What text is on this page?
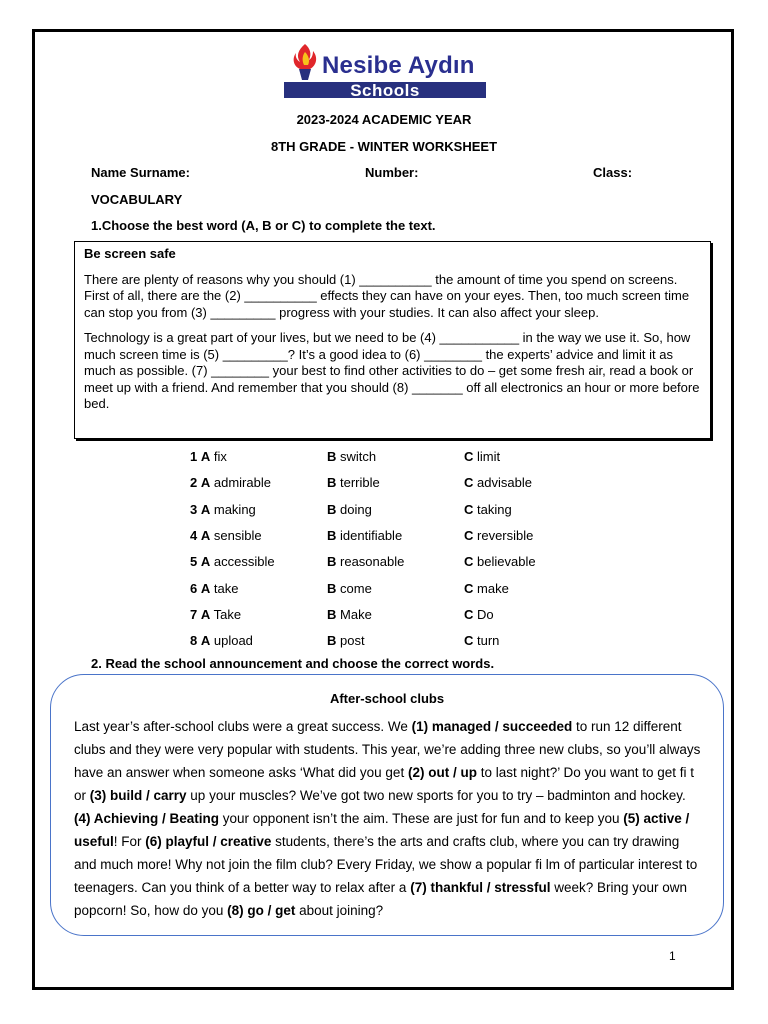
Nesibe Aydın
Schools
2023-2024 ACADEMIC YEAR
8TH GRADE - WINTER WORKSHEET
Name Surname:	Number:	Class:
VOCABULARY
1.Choose the best word (A, B or C) to complete the text.
Be screen safe

There are plenty of reasons why you should (1) __________ the amount of time you spend on screens. First of all, there are the (2) __________ effects they can have on your eyes. Then, too much screen time can stop you from (3) _________ progress with your studies. It can also affect your sleep.

Technology is a great part of your lives, but we need to be (4) ___________ in the way we use it. So, how much screen time is (5) _________? It’s a good idea to (6) ________ the experts’ advice and limit it as much as possible. (7) ________ your best to find other activities to do – get some fresh air, read a book or meet up with a friend. And remember that you should (8) _______ off all electronics an hour or more before bed.

1 A fix	B switch	C limit
2 A admirable	B terrible	C advisable
3 A making	B doing	C taking
4 A sensible	B identifiable	C reversible
5 A accessible	B reasonable	C believable
6 A take	B come	C make
7 A Take	B Make	C Do
8 A upload	B post	C turn
2. Read the school announcement and choose the correct words.
After-school clubs
Last year’s after-school clubs were a great success. We (1) managed / succeeded to run 12 different clubs and they were very popular with students. This year, we’re adding three new clubs, so you’ll always have an answer when someone asks ‘What did you get (2) out / up to last night?’ Do you want to get fi t or (3) build / carry up your muscles? We’ve got two new sports for you to try – badminton and hockey. (4) Achieving / Beating your opponent isn’t the aim. These are just for fun and to keep you (5) active / useful! For (6) playful / creative students, there’s the arts and crafts club, where you can try drawing and much more! Why not join the film club? Every Friday, we show a popular fi lm of particular interest to teenagers. Can you think of a better way to relax after a (7) thankful / stressful week? Bring your own popcorn! So, how do you (8) go / get about joining?
1
